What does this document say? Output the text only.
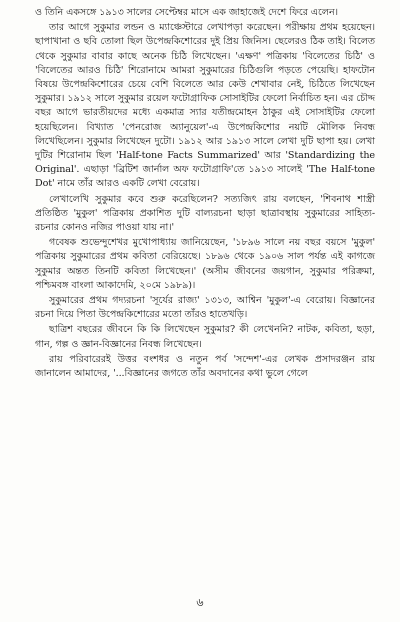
ও তিনি একসঙ্গে ১৯১৩ সালের সেপ্টেম্বর মাসে এক জাহাজেই দেশে ফিরে এলেন।

তার আগে সুকুমার লন্ডন ও ম্যাঞ্চেস্টারে লেখাপড়া করেছেন। পরীক্ষায় প্রথম হয়েছেন। ছাপাখানা ও ছবি তোলা ছিল উপেন্দ্রকিশোরের দুই প্রিয় জিনিস। ছেলেরও ঠিক তাই। বিলেত থেকে সুকুমার বাবার কাছে অনেক চিঠি লিখেছেন। 'এক্ষণ' পত্রিকায় 'বিলেতের চিঠি' ও 'বিলেতের আরও চিঠি' শিরোনামে আমরা সুকুমারের চিঠিগুলি পড়তে পেয়েছি। হাফটোন বিষয়ে উপেন্দ্রকিশোরের চেয়ে বেশি বিলেতে আর কেউ শেখাবার নেই, চিঠিতে লিখেছেন সুকুমার। ১৯১২ সালে সুকুমার রয়েল ফটোগ্রাফিক সোসাইটির ফেলো নির্বাচিত হন। এর চৌদ্দ বছর আগে ভারতীয়দের মধ্যে একমাত্র স্যার যতীন্দ্রমোহন ঠাকুর এই সোসাইটির ফেলো হয়েছিলেন। বিখ্যাত 'পেনরোজ অ্যানুয়েল'-এ উপেন্দ্রকিশোর নয়টি মৌলিক নিবন্ধ লিখেছিলেন। সুকুমার লিখেছেন দুটো। ১৯১২ আর ১৯১৩ সালে লেখা দুটি ছাপা হয়। লেখা দুটির শিরোনাম ছিল 'Half-tone Facts Summarized' আর 'Standardizing the Original'. এছাড়া 'ব্রিটিশ জার্নাল অফ ফটোগ্রাফি'তে ১৯১৩ সালেই 'The Half-tone Dot' নামে তাঁর আরও একটি লেখা বেরোয়।

লেখালেখি সুকুমার কবে শুরু করেছিলেন? সত্যজিৎ রায় বলছেন, 'শিবনাথ শাস্ত্রী প্রতিষ্ঠিত 'মুকুল' পত্রিকায় প্রকাশিত দুটি বাল্যরচনা ছাড়া ছাত্রাবস্থায় সুকুমারের সাহিত্য-রচনার কোনও নজির পাওয়া যায় না।'

গবেষক শুভেন্দুশেখর মুখোপাধ্যায় জানিয়েছেন, '১৮৯৬ সালে নয় বছর বয়সে 'মুকুল' পত্রিকায় সুকুমারের প্রথম কবিতা বেরিয়েছে। ১৮৯৬ থেকে ১৯০৬ সাল পর্যন্ত এই কাগজে সুকুমার অন্তত তিনটি কবিতা লিখেছেন।' (অসীম জীবনের জয়গান, সুকুমার পরিক্রমা, পশ্চিমবঙ্গ বাংলা আকাদেমি, ২০মে ১৯৮৯)।

সুকুমারের প্রথম গদ্যরচনা 'সূর্যের রাজ্য' ১৩১৩, আশ্বিন 'মুকুল'-এ বেরোয়। বিজ্ঞানের রচনা দিয়ে পিতা উপেন্দ্রকিশোরের মতো তাঁরও হাতেখড়ি।

ছাত্রিশ বছরের জীবনে কি কি লিখেছেন সুকুমার? কী লেখেননি? নাটক, কবিতা, ছড়া, গান, গল্প ও জ্ঞান-বিজ্ঞানের নিবন্ধ লিখেছেন।

রায় পরিবারেরই উত্তর বংশধর ও নতুন পর্ব 'সন্দেশ'-এর লেখক প্রসাদরঞ্জন রায় জানালেন আমাদের, '...বিজ্ঞানের জগতে তাঁর অবদানের কথা ভুলে গেলে

৬
